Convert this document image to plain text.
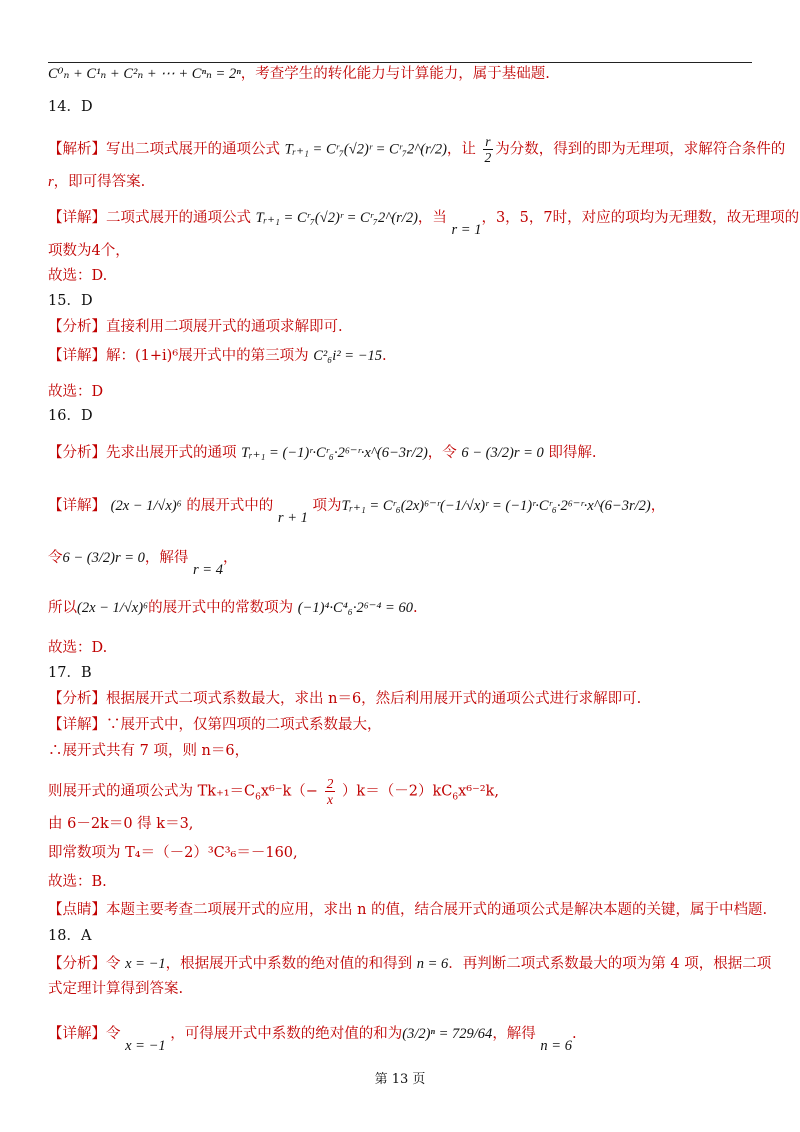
C⁰ₙ + C¹ₙ + C²ₙ + ⋯ + Cⁿₙ = 2ⁿ，考查学生的转化能力与计算能力，属于基础题.
14．D
【解析】写出二项式展开的通项公式 Tᵣ₊₁ = Cʳ₇(√2)ʳ = Cʳ₇2^(r/2)，让 $\frac{r}{2}$ 为分数，得到的即为无理项，求解符合条件的
r，即可得答案.
【详解】二项式展开的通项公式 Tᵣ₊₁ = Cʳ₇(√2)ʳ = Cʳ₇2^(r/2)，当 r = 1，3，5，7时，对应的项均为无理数，故无理项的
项数为4个，
故选：D.
15．D
【分析】直接利用二项展开式的通项求解即可.
【详解】解：(1+i)⁶展开式中的第三项为 C²₆i² = −15.
故选：D
16．D
【分析】先求出展开式的通项 Tᵣ₊₁ = (−1)ʳ·Cʳ₆·2⁶⁻ʳ·x^(6−3r/2)，令 6 − (3/2)r = 0 即得解.
【详解】 (2x − 1/√x)⁶ 的展开式中的 r + 1 项为Tᵣ₊₁ = Cʳ₆(2x)⁶⁻ʳ(−1/√x)ʳ = (−1)ʳ·Cʳ₆·2⁶⁻ʳ·x^(6−3r/2)，
令6 − (3/2)r = 0，解得 r = 4，
所以(2x − 1/√x)⁶的展开式中的常数项为 (−1)⁴·C⁴₆·2⁶⁻⁴ = 60.
故选：D.
17．B
【分析】根据展开式二项式系数最大，求出 n＝6，然后利用展开式的通项公式进行求解即可.
【详解】∵展开式中，仅第四项的二项式系数最大，
∴展开式共有 7 项，则 n＝6，
则展开式的通项公式为 $Tk_{+1}=C_6x^{6-}k(- \frac{2}{x} )k=(-2)kC_6x^{6-2}k$,
由 6－2k＝0 得 k＝3,
即常数项为 T₄＝（－2）³C³₆＝－160,
故选：B.
【点睛】本题主要考查二项展开式的应用，求出 n 的值，结合展开式的通项公式是解决本题的关键，属于中档题.
18．A
【分析】令 x = −1，根据展开式中系数的绝对值的和得到 n = 6．再判断二项式系数最大的项为第 4 项，根据二项
式定理计算得到答案.
【详解】令 x = −1 ，可得展开式中系数的绝对值的和为(3/2)ⁿ = 729/64，解得 n = 6.
第 13 页
